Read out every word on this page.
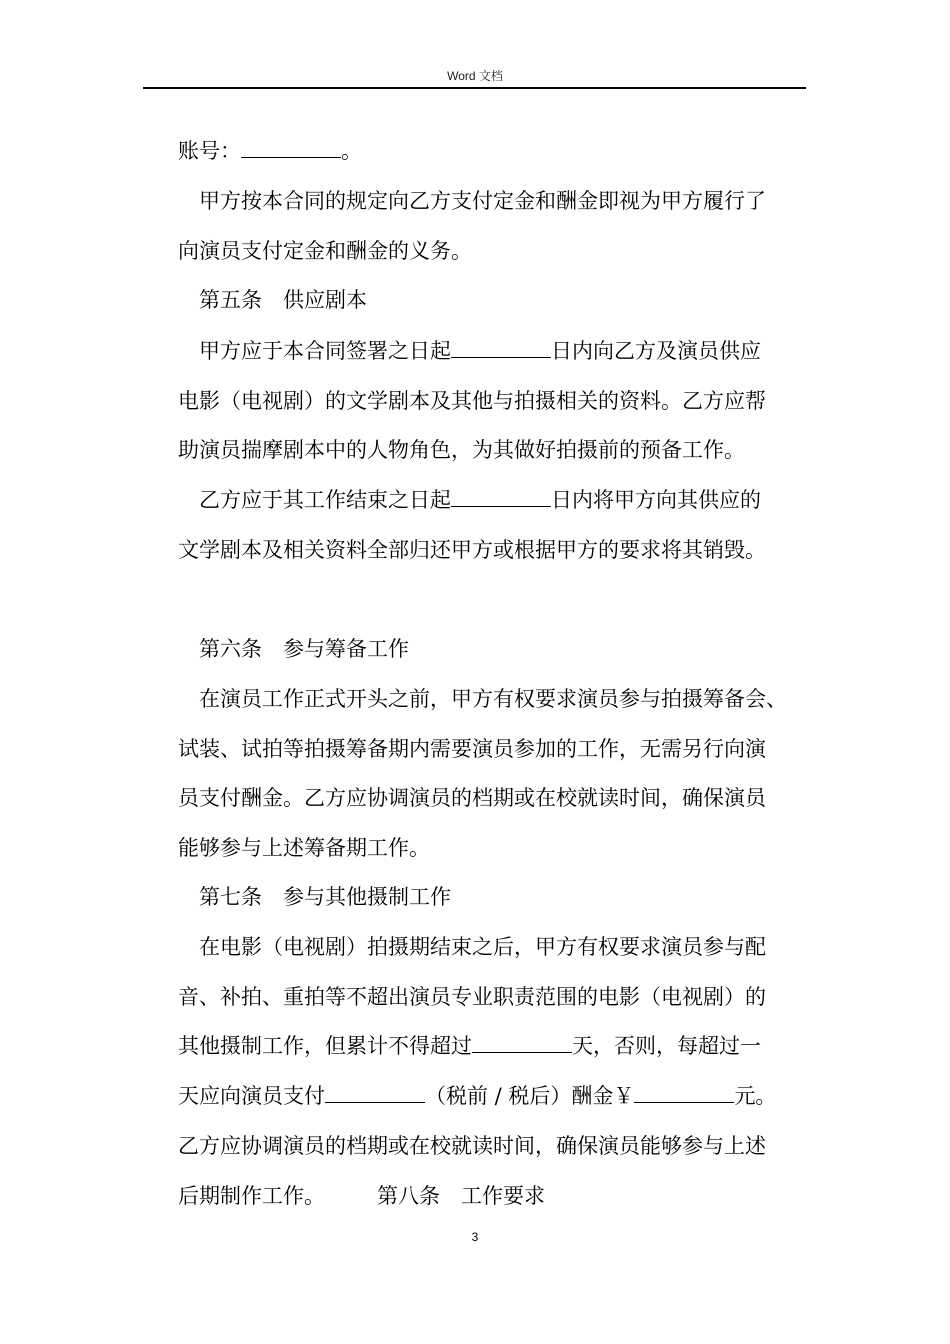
Word 文档
账号：	。
甲方按本合同的规定向乙方支付定金和酬金即视为甲方履行了
向演员支付定金和酬金的义务。
第五条　供应剧本
甲方应于本合同签署之日起	日内向乙方及演员供应
电影（电视剧）的文学剧本及其他与拍摄相关的资料。乙方应帮
助演员揣摩剧本中的人物角色，为其做好拍摄前的预备工作。
乙方应于其工作结束之日起	日内将甲方向其供应的
文学剧本及相关资料全部归还甲方或根据甲方的要求将其销毁。
第六条　参与筹备工作
在演员工作正式开头之前，甲方有权要求演员参与拍摄筹备会、
试装、试拍等拍摄筹备期内需要演员参加的工作，无需另行向演
员支付酬金。乙方应协调演员的档期或在校就读时间，确保演员
能够参与上述筹备期工作。
第七条　参与其他摄制工作
在电影（电视剧）拍摄期结束之后，甲方有权要求演员参与配
音、补拍、重拍等不超出演员专业职责范围的电影（电视剧）的
其他摄制工作，但累计不得超过	天，否则，每超过一
天应向演员支付	（税前 / 税后）酬金￥	元。
乙方应协调演员的档期或在校就读时间，确保演员能够参与上述
后期制作工作。 第八条　工作要求
3
